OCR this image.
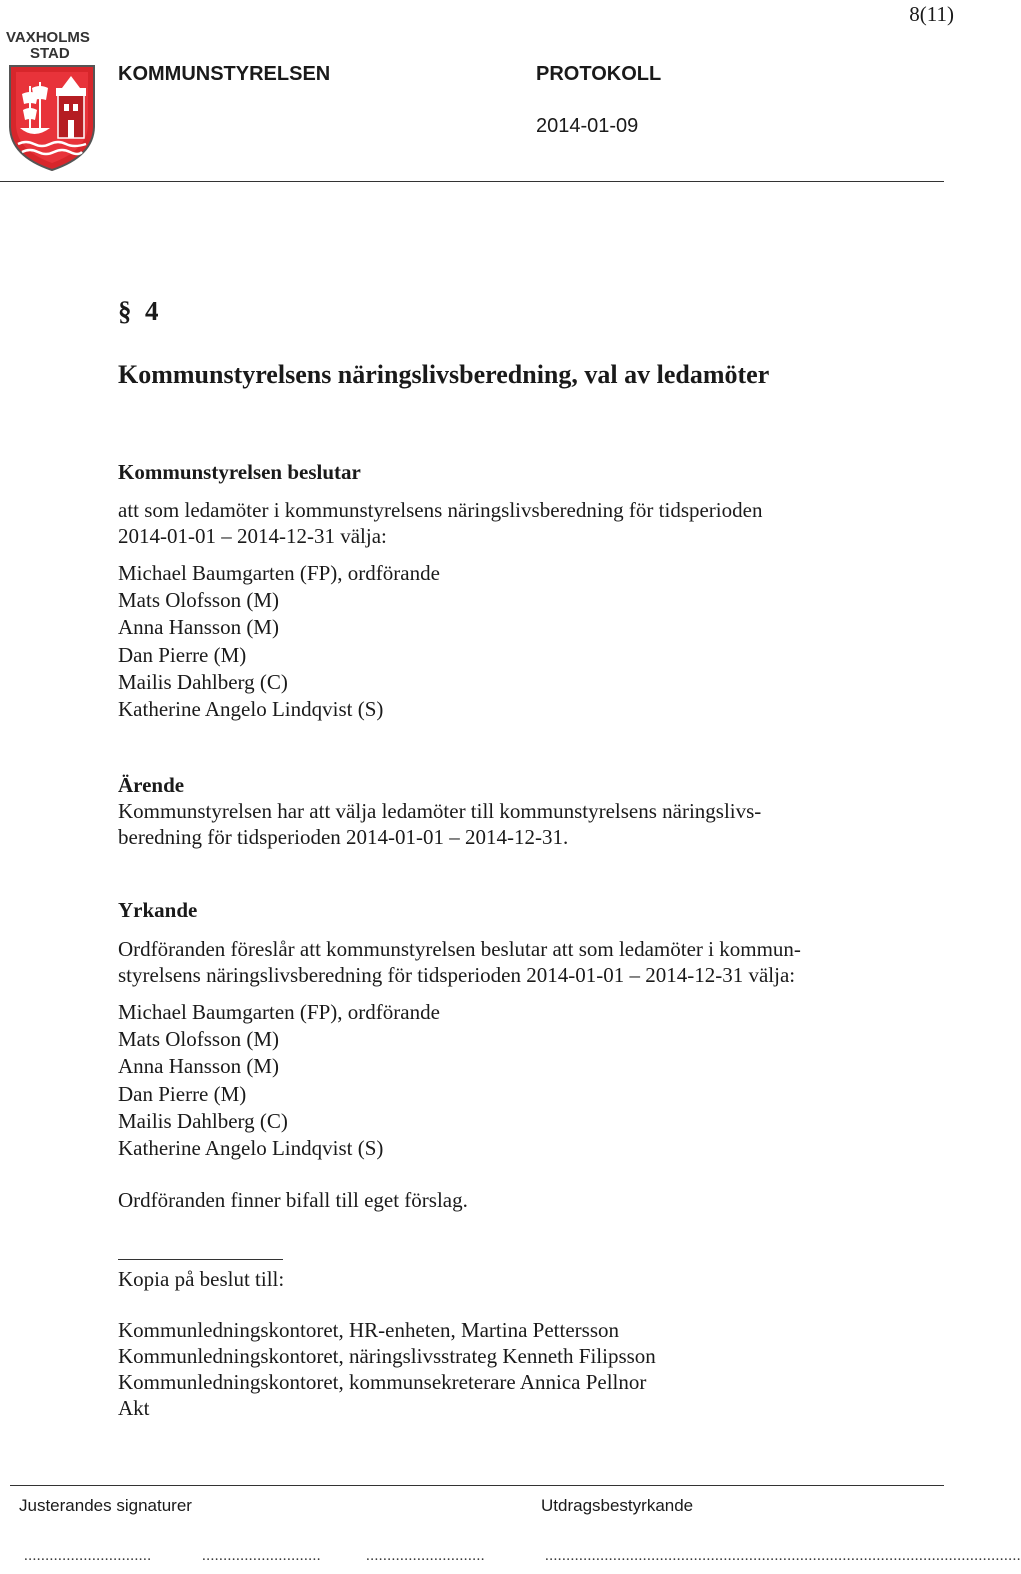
8(11)
VAXHOLMS
STAD
KOMMUNSTYRELSEN	PROTOKOLL
2014-01-09
§ 4
Kommunstyrelsens näringslivsberedning, val av ledamöter
Kommunstyrelsen beslutar
att som ledamöter i kommunstyrelsens näringslivsberedning för tidsperioden
2014-01-01 – 2014-12-31 välja:
Michael Baumgarten (FP), ordförande
Mats Olofsson (M)
Anna Hansson (M)
Dan Pierre (M)
Mailis Dahlberg (C)
Katherine Angelo Lindqvist (S)
Ärende
Kommunstyrelsen har att välja ledamöter till kommunstyrelsens näringslivs-
beredning för tidsperioden 2014-01-01 – 2014-12-31.
Yrkande
Ordföranden föreslår att kommunstyrelsen beslutar att som ledamöter i kommun-
styrelsens näringslivsberedning för tidsperioden 2014-01-01 – 2014-12-31 välja:
Michael Baumgarten (FP), ordförande
Mats Olofsson (M)
Anna Hansson (M)
Dan Pierre (M)
Mailis Dahlberg (C)
Katherine Angelo Lindqvist (S)
Ordföranden finner bifall till eget förslag.
Kopia på beslut till:
Kommunledningskontoret, HR-enheten, Martina Pettersson
Kommunledningskontoret, näringslivsstrateg Kenneth Filipsson
Kommunledningskontoret, kommunsekreterare Annica Pellnor
Akt
Justerandes signaturer	Utdragsbestyrkande
..............................	............................	............................	................................................................................................................
